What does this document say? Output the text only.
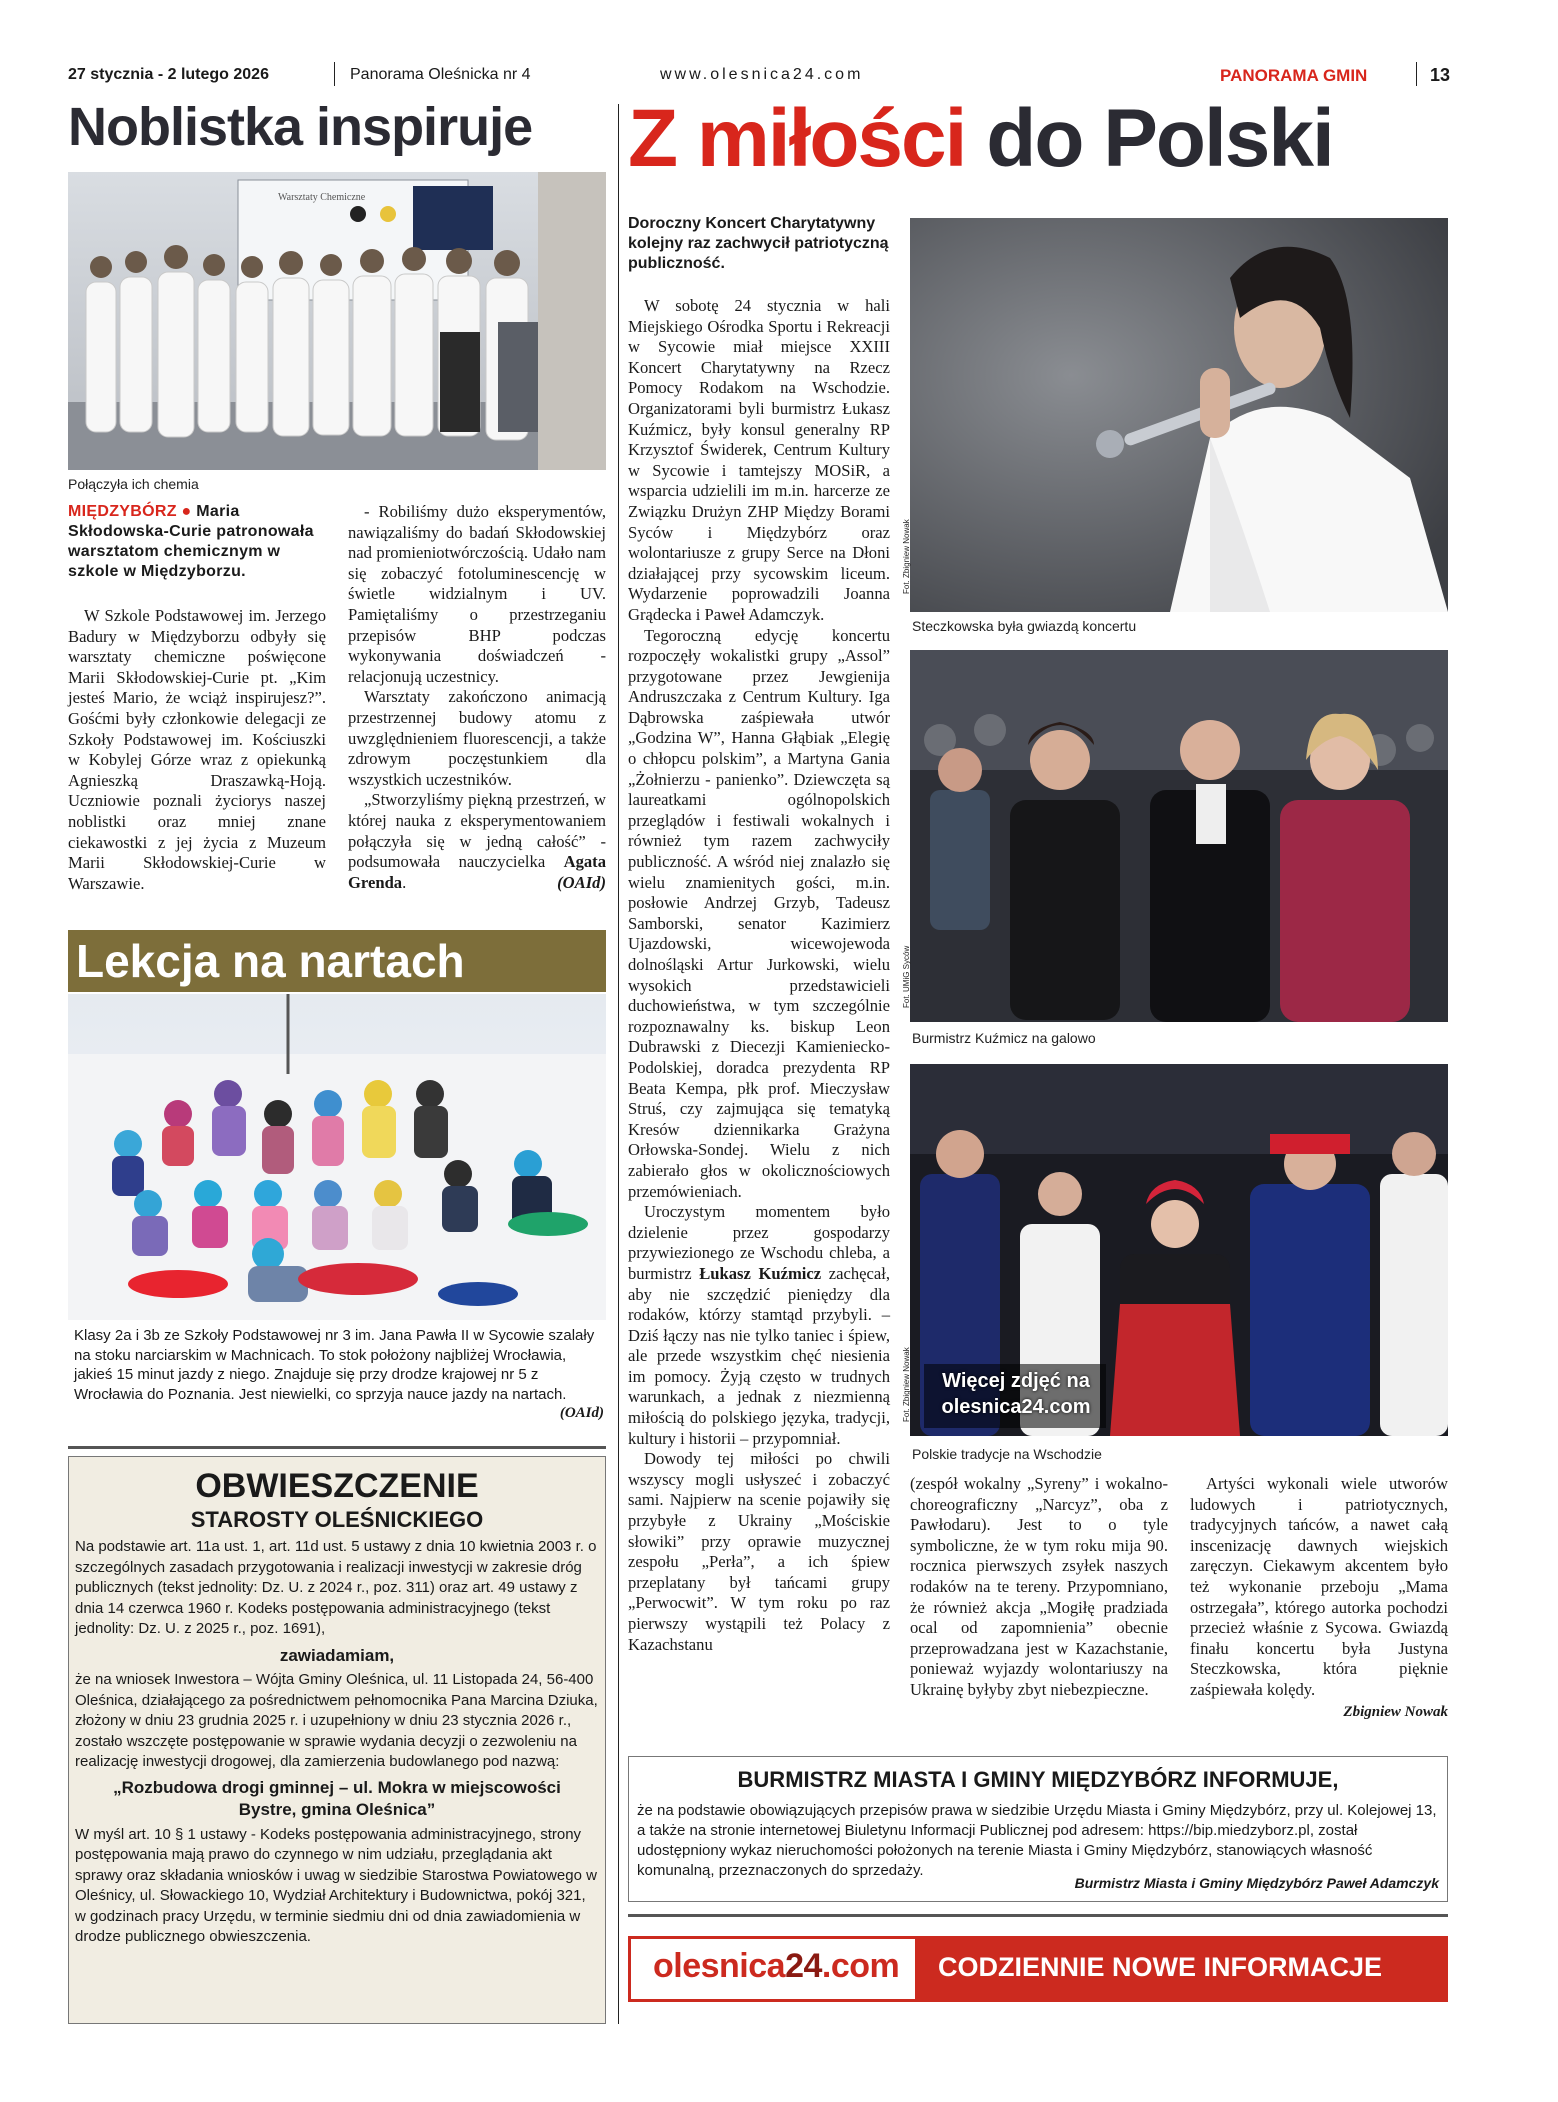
27 stycznia - 2 lutego 2026	Panorama Oleśnicka nr 4	www.olesnica24.com	PANORAMA GMIN	13
Noblistka inspiruje
Warsztaty Chemiczne
Połączyła ich chemia
MIĘDZYBÓRZ ● Maria Skłodowska-Curie patronowała warsztatom chemicznym w szkole w Międzyborzu.

W Szkole Podstawowej im. Jerzego Badury w Międzyborzu odbyły się warsztaty chemiczne poświęcone Marii Skłodowskiej-Curie pt. „Kim jesteś Mario, że wciąż inspirujesz?”. Gośćmi były członkowie delegacji ze Szkoły Podstawowej im. Kościuszki w Kobylej Górze wraz z opiekunką Agnieszką Draszawką-Hoją. Uczniowie poznali życiorys naszej noblistki oraz mniej znane ciekawostki z jej życia z Muzeum Marii Skłodowskiej-Curie w Warszawie.

- Robiliśmy dużo eksperymentów, nawiązaliśmy do badań Skłodowskiej nad promieniotwórczością. Udało nam się zobaczyć fotoluminescencję w świetle widzialnym i UV. Pamiętaliśmy o przestrzeganiu przepisów BHP podczas wykonywania doświadczeń - relacjonują uczestnicy.

Warsztaty zakończono animacją przestrzennej budowy atomu z uwzględnieniem fluorescencji, a także zdrowym poczęstunkiem dla wszystkich uczestników.

„Stworzyliśmy piękną przestrzeń, w której nauka z eksperymentowaniem połączyła się w jedną całość” - podsumowała nauczycielka Agata Grenda.	(OAId)

Lekcja na nartach
Klasy 2a i 3b ze Szkoły Podstawowej nr 3 im. Jana Pawła II w Sycowie szalały na stoku narciarskim w Machnicach. To stok położony najbliżej Wrocławia, jakieś 15 minut jazdy z niego. Znajduje się przy drodze krajowej nr 5 z Wrocławia do Poznania. Jest niewielki, co sprzyja nauce jazdy na nartach.
(OAId)
OBWIESZCZENIE
STAROSTY OLEŚNICKIEGO

Na podstawie art. 11a ust. 1, art. 11d ust. 5 ustawy z dnia 10 kwietnia 2003 r. o szczególnych zasadach przygotowania i realizacji inwestycji w zakresie dróg publicznych (tekst jednolity: Dz. U. z 2024 r., poz. 311) oraz art. 49 ustawy z dnia 14 czerwca 1960 r. Kodeks postępowania administracyjnego (tekst jednolity: Dz. U. z 2025 r., poz. 1691),

zawiadamiam,

że na wniosek Inwestora – Wójta Gminy Oleśnica, ul. 11 Listopada 24, 56-400 Oleśnica, działającego za pośrednictwem pełnomocnika Pana Marcina Dziuka, złożony w dniu 23 grudnia 2025 r. i uzupełniony w dniu 23 stycznia 2026 r., zostało wszczęte postępowanie w sprawie wydania decyzji o zezwoleniu na realizację inwestycji drogowej, dla zamierzenia budowlanego pod nazwą:

„Rozbudowa drogi gminnej – ul. Mokra w miejscowości Bystre, gmina Oleśnica”

W myśl art. 10 § 1 ustawy - Kodeks postępowania administracyjnego, strony postępowania mają prawo do czynnego w nim udziału, przeglądania akt sprawy oraz składania wniosków i uwag w siedzibie Starostwa Powiatowego w Oleśnicy, ul. Słowackiego 10, Wydział Architektury i Budownictwa, pokój 321, w godzinach pracy Urzędu, w terminie siedmiu dni od dnia zawiadomienia w drodze publicznego obwieszczenia.

Z miłości do Polski
Doroczny Koncert Charytatywny kolejny raz zachwycił patriotyczną publiczność.

W sobotę 24 stycznia w hali Miejskiego Ośrodka Sportu i Rekreacji w Sycowie miał miejsce XXIII Koncert Charytatywny na Rzecz Pomocy Rodakom na Wschodzie. Organizatorami byli burmistrz Łukasz Kuźmicz, były konsul generalny RP Krzysztof Świderek, Centrum Kultury w Sycowie i tamtejszy MOSiR, a wsparcia udzielili im m.in. harcerze ze Związku Drużyn ZHP Między Borami Syców i Międzybórz oraz wolontariusze z grupy Serce na Dłoni działającej przy sycowskim liceum. Wydarzenie poprowadzili Joanna Grądecka i Paweł Adamczyk.

Tegoroczną edycję koncertu rozpoczęły wokalistki grupy „Assol” przygotowane przez Jewgienija Andruszczaka z Centrum Kultury. Iga Dąbrowska zaśpiewała utwór „Godzina W”, Hanna Głąbiak „Elegię o chłopcu polskim”, a Martyna Gania „Żołnierzu - panienko”. Dziewczęta są laureatkami ogólnopolskich przeglądów i festiwali wokalnych i również tym razem zachwyciły publiczność. A wśród niej znalazło się wielu znamienitych gości, m.in. posłowie Andrzej Grzyb, Tadeusz Samborski, senator Kazimierz Ujazdowski, wicewojewoda dolnośląski Artur Jurkowski, wielu wysokich przedstawicieli duchowieństwa, w tym szczególnie rozpoznawalny ks. biskup Leon Dubrawski z Diecezji Kamieniecko-Podolskiej, doradca prezydenta RP Beata Kempa, płk prof. Mieczysław Struś, czy zajmująca się tematyką Kresów dziennikarka Grażyna Orłowska-Sondej. Wielu z nich zabierało głos w okolicznościowych przemówieniach.

Uroczystym momentem było dzielenie przez gospodarzy przywiezionego ze Wschodu chleba, a burmistrz Łukasz Kuźmicz zachęcał, aby nie szczędzić pieniędzy dla rodaków, którzy stamtąd przybyli. – Dziś łączy nas nie tylko taniec i śpiew, ale przede wszystkim chęć niesienia im pomocy. Żyją często w trudnych warunkach, a jednak z niezmienną miłością do polskiego języka, tradycji, kultury i historii – przypomniał.

Dowody tej miłości po chwili wszyscy mogli usłyszeć i zobaczyć sami. Najpierw na scenie pojawiły się przybyłe z Ukrainy „Mościskie słowiki” przy oprawie muzycznej zespołu „Perła”, a ich śpiew przeplatany był tańcami grupy „Perwocwit”. W tym roku po raz pierwszy wystąpili też Polacy z Kazachstanu

Fot. Zbigniew Nowak
Steczkowska była gwiazdą koncertu
Fot. UMiG Syców
Burmistrz Kuźmicz na galowo
Więcej zdjęć na
olesnica24.com
Fot. Zbigniew Nowak
Polskie tradycje na Wschodzie

(zespół wokalny „Syreny” i wokalno-choreograficzny „Narcyz”, oba z Pawłodaru). Jest to o tyle symboliczne, że w tym roku mija 90. rocznica pierwszych zsyłek naszych rodaków na te tereny. Przypomniano, że również akcja „Mogiłę pradziada ocal od zapomnienia” obecnie przeprowadzana jest w Kazachstanie, ponieważ wyjazdy wolontariuszy na Ukrainę byłyby zbyt niebezpieczne.

Artyści wykonali wiele utworów ludowych i patriotycznych, tradycyjnych tańców, a nawet całą inscenizację dawnych wiejskich zaręczyn. Ciekawym akcentem było też wykonanie przeboju „Mama ostrzegała”, którego autorka pochodzi przecież właśnie z Sycowa. Gwiazdą finału koncertu była Justyna Steczkowska, która pięknie zaśpiewała kolędy.

Zbigniew Nowak

BURMISTRZ MIASTA I GMINY MIĘDZYBÓRZ INFORMUJE,
że na podstawie obowiązujących przepisów prawa w siedzibie Urzędu Miasta i Gminy Międzybórz, przy ul. Kolejowej 13, a także na stronie internetowej Biuletynu Informacji Publicznej pod adresem: https://bip.miedzyborz.pl, został udostępniony wykaz nieruchomości położonych na terenie Miasta i Gminy Międzybórz, stanowiących własność komunalną, przeznaczonych do sprzedaży.
Burmistrz Miasta i Gminy Międzybórz Paweł Adamczyk
olesnica24.com CODZIENNIE NOWE INFORMACJE
